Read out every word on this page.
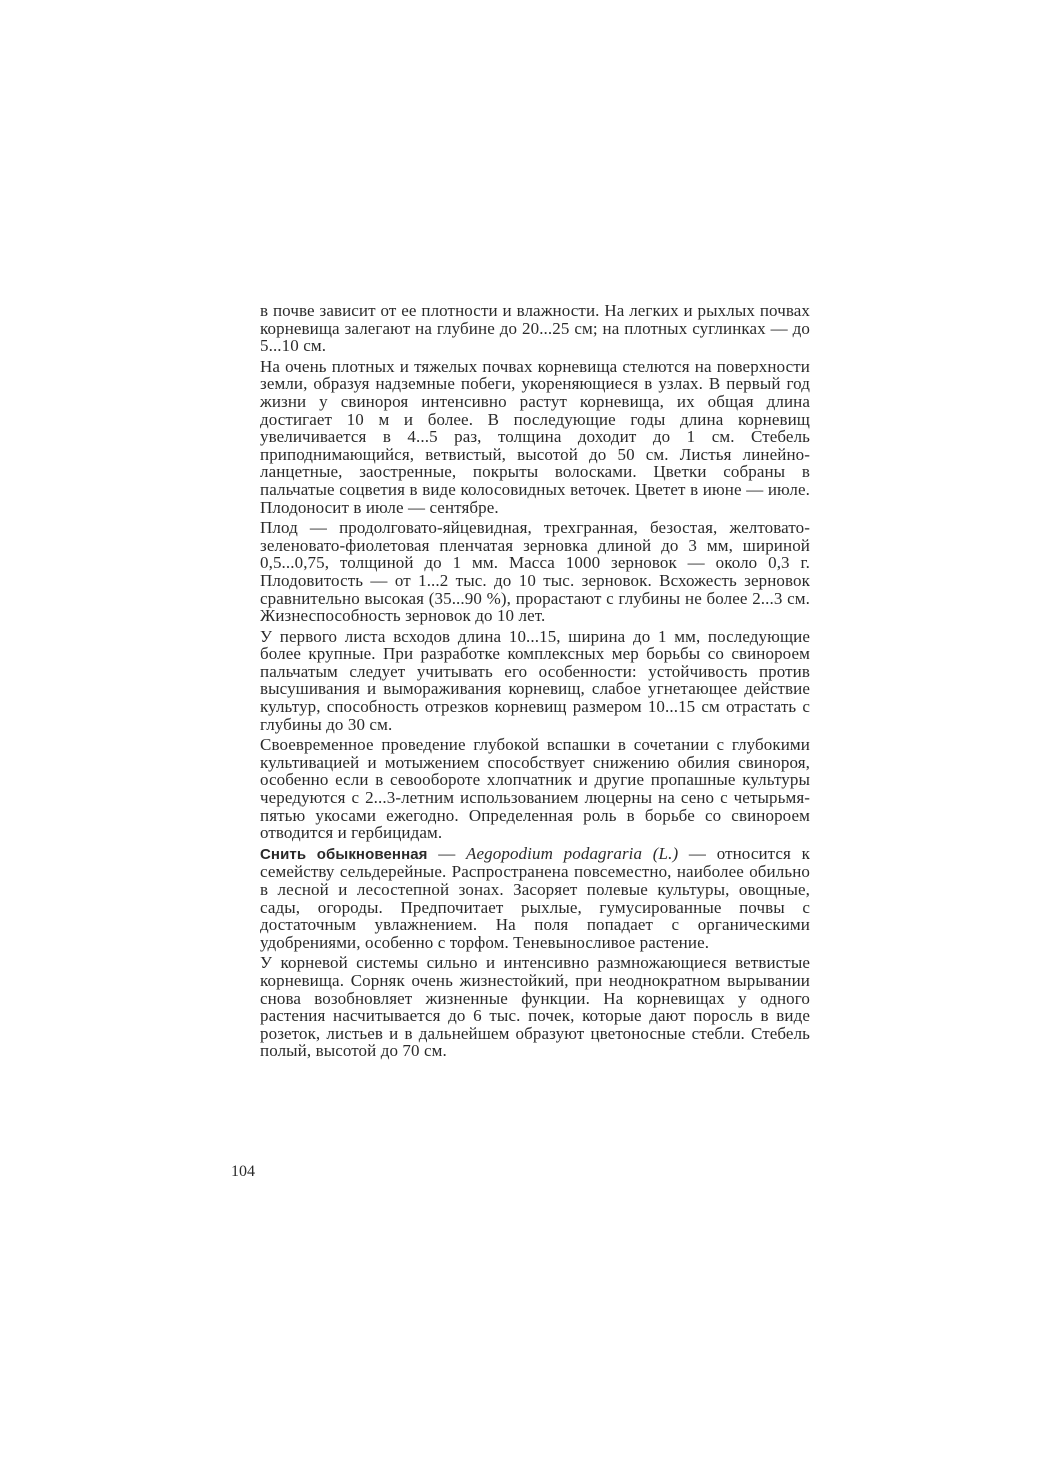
в почве зависит от ее плотности и влажности. На легких и рыхлых почвах корневища залегают на глубине до 20...25 см; на плотных суглинках — до 5...10 см.

На очень плотных и тяжелых почвах корневища стелются на поверхности земли, образуя надземные побеги, укореняющиеся в узлах. В первый год жизни у свинороя интенсивно растут корневища, их общая длина достигает 10 м и более. В последующие годы длина корневищ увеличивается в 4...5 раз, толщина доходит до 1 см. Стебель приподнимающийся, ветвистый, высотой до 50 см. Листья линейно-ланцетные, заостренные, покрыты волосками. Цветки собраны в пальчатые соцветия в виде колосовидных веточек. Цветет в июне — июле. Плодоносит в июле — сентябре.

Плод — продолговато-яйцевидная, трехгранная, безостая, желтовато-зеленовато-фиолетовая пленчатая зерновка длиной до 3 мм, шириной 0,5...0,75, толщиной до 1 мм. Масса 1000 зерновок — около 0,3 г. Плодовитость — от 1...2 тыс. до 10 тыс. зерновок. Всхожесть зерновок сравнительно высокая (35...90 %), прорастают с глубины не более 2...3 см. Жизнеспособность зерновок до 10 лет.

У первого листа всходов длина 10...15, ширина до 1 мм, последующие более крупные. При разработке комплексных мер борьбы со свинороем пальчатым следует учитывать его особенности: устойчивость против высушивания и вымораживания корневищ, слабое угнетающее действие культур, способность отрезков корневищ размером 10...15 см отрастать с глубины до 30 см.

Своевременное проведение глубокой вспашки в сочетании с глубокими культивацией и мотыжением способствует снижению обилия свинороя, особенно если в севообороте хлопчатник и другие пропашные культуры чередуются с 2...3-летним использованием люцерны на сено с четырьмя-пятью укосами ежегодно. Определенная роль в борьбе со свинороем отводится и гербицидам.

Снить обыкновенная — Aegopodium podagraria (L.) — относится к семейству сельдерейные. Распространена повсеместно, наиболее обильно в лесной и лесостепной зонах. Засоряет полевые культуры, овощные, сады, огороды. Предпочитает рыхлые, гумусированные почвы с достаточным увлажнением. На поля попадает с органическими удобрениями, особенно с торфом. Теневыносливое растение.

У корневой системы сильно и интенсивно размножающиеся ветвистые корневища. Сорняк очень жизнестойкий, при неоднократном вырывании снова возобновляет жизненные функции. На корневищах у одного растения насчитывается до 6 тыс. почек, которые дают поросль в виде розеток, листьев и в дальнейшем образуют цветоносные стебли. Стебель полый, высотой до 70 см.

104
